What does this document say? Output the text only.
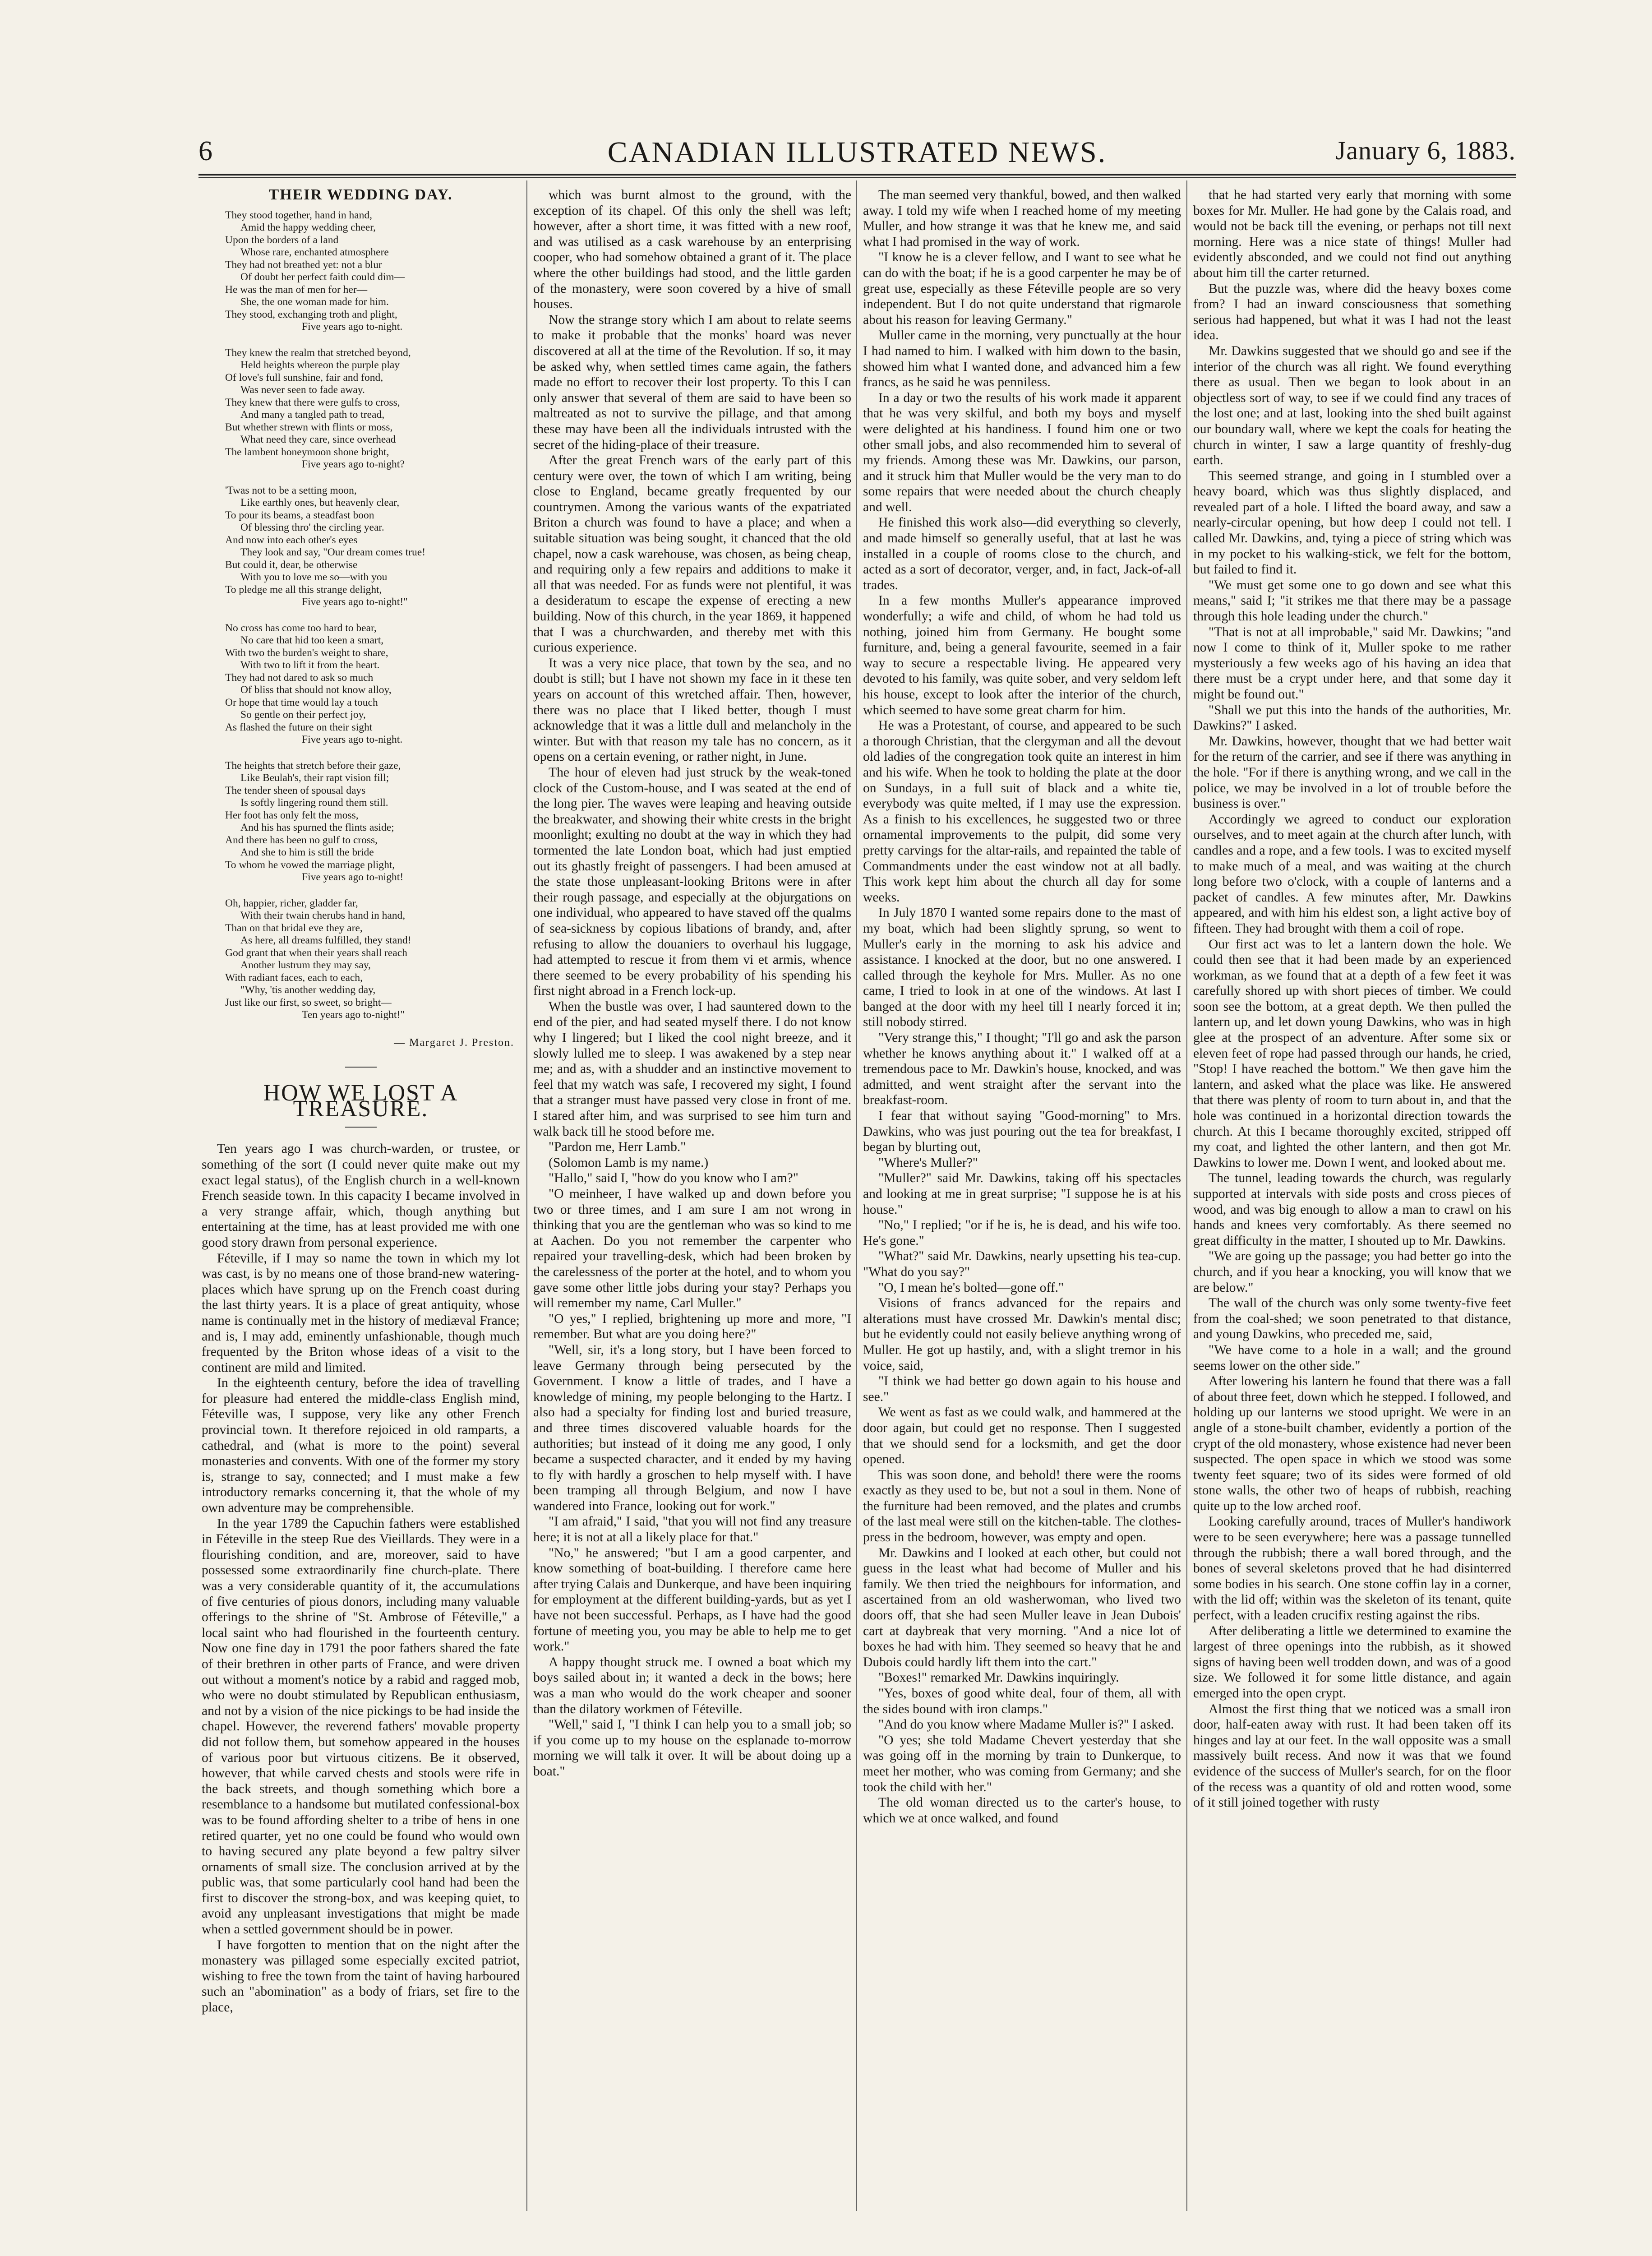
6	CANADIAN ILLUSTRATED NEWS.	January 6, 1883.
THEIR WEDDING DAY.
They stood together, hand in hand,
Amid the happy wedding cheer,
Upon the borders of a land
Whose rare, enchanted atmosphere
They had not breathed yet: not a blur
Of doubt her perfect faith could dim—
He was the man of men for her—
She, the one woman made for him.
They stood, exchanging troth and plight,
Five years ago to-night.
They knew the realm that stretched beyond,
Held heights whereon the purple play
Of love's full sunshine, fair and fond,
Was never seen to fade away.
They knew that there were gulfs to cross,
And many a tangled path to tread,
But whether strewn with flints or moss,
What need they care, since overhead
The lambent honeymoon shone bright,
Five years ago to-night?
'Twas not to be a setting moon,
Like earthly ones, but heavenly clear,
To pour its beams, a steadfast boon
Of blessing thro' the circling year.
And now into each other's eyes
They look and say, "Our dream comes true!
But could it, dear, be otherwise
With you to love me so—with you
To pledge me all this strange delight,
Five years ago to-night!"
No cross has come too hard to bear,
No care that hid too keen a smart,
With two the burden's weight to share,
With two to lift it from the heart.
They had not dared to ask so much
Of bliss that should not know alloy,
Or hope that time would lay a touch
So gentle on their perfect joy,
As flashed the future on their sight
Five years ago to-night.
The heights that stretch before their gaze,
Like Beulah's, their rapt vision fill;
The tender sheen of spousal days
Is softly lingering round them still.
Her foot has only felt the moss,
And his has spurned the flints aside;
And there has been no gulf to cross,
And she to him is still the bride
To whom he vowed the marriage plight,
Five years ago to-night!
Oh, happier, richer, gladder far,
With their twain cherubs hand in hand,
Than on that bridal eve they are,
As here, all dreams fulfilled, they stand!
God grant that when their years shall reach
Another lustrum they may say,
With radiant faces, each to each,
"Why, 'tis another wedding day,
Just like our first, so sweet, so bright—
Ten years ago to-night!"
— Margaret J. Preston.
HOW WE LOST A TREASURE.

Ten years ago I was church-warden, or trustee, or something of the sort (I could never quite make out my exact legal status), of the English church in a well-known French seaside town. In this capacity I became involved in a very strange affair, which, though anything but entertaining at the time, has at least provided me with one good story drawn from personal experience.

Féteville, if I may so name the town in which my lot was cast, is by no means one of those brand-new watering-places which have sprung up on the French coast during the last thirty years. It is a place of great antiquity, whose name is continually met in the history of mediæval France; and is, I may add, eminently unfashionable, though much frequented by the Briton whose ideas of a visit to the continent are mild and limited.

In the eighteenth century, before the idea of travelling for pleasure had entered the middle-class English mind, Féteville was, I suppose, very like any other French provincial town. It therefore rejoiced in old ramparts, a cathedral, and (what is more to the point) several monasteries and convents. With one of the former my story is, strange to say, connected; and I must make a few introductory remarks concerning it, that the whole of my own adventure may be comprehensible.

In the year 1789 the Capuchin fathers were established in Féteville in the steep Rue des Vieillards. They were in a flourishing condition, and are, moreover, said to have possessed some extraordinarily fine church-plate. There was a very considerable quantity of it, the accumulations of five centuries of pious donors, including many valuable offerings to the shrine of "St. Ambrose of Féteville," a local saint who had flourished in the fourteenth century. Now one fine day in 1791 the poor fathers shared the fate of their brethren in other parts of France, and were driven out without a moment's notice by a rabid and ragged mob, who were no doubt stimulated by Republican enthusiasm, and not by a vision of the nice pickings to be had inside the chapel. However, the reverend fathers' movable property did not follow them, but somehow appeared in the houses of various poor but virtuous citizens. Be it observed, however, that while carved chests and stools were rife in the back streets, and though something which bore a resemblance to a handsome but mutilated confessional-box was to be found affording shelter to a tribe of hens in one retired quarter, yet no one could be found who would own to having secured any plate beyond a few paltry silver ornaments of small size. The conclusion arrived at by the public was, that some particularly cool hand had been the first to discover the strong-box, and was keeping quiet, to avoid any unpleasant investigations that might be made when a settled government should be in power.

I have forgotten to mention that on the night after the monastery was pillaged some especially excited patriot, wishing to free the town from the taint of having harboured such an "abomination" as a body of friars, set fire to the place,

which was burnt almost to the ground, with the exception of its chapel. Of this only the shell was left; however, after a short time, it was fitted with a new roof, and was utilised as a cask warehouse by an enterprising cooper, who had somehow obtained a grant of it. The place where the other buildings had stood, and the little garden of the monastery, were soon covered by a hive of small houses.

Now the strange story which I am about to relate seems to make it probable that the monks' hoard was never discovered at all at the time of the Revolution. If so, it may be asked why, when settled times came again, the fathers made no effort to recover their lost property. To this I can only answer that several of them are said to have been so maltreated as not to survive the pillage, and that among these may have been all the individuals intrusted with the secret of the hiding-place of their treasure.

After the great French wars of the early part of this century were over, the town of which I am writing, being close to England, became greatly frequented by our countrymen. Among the various wants of the expatriated Briton a church was found to have a place; and when a suitable situation was being sought, it chanced that the old chapel, now a cask warehouse, was chosen, as being cheap, and requiring only a few repairs and additions to make it all that was needed. For as funds were not plentiful, it was a desideratum to escape the expense of erecting a new building. Now of this church, in the year 1869, it happened that I was a churchwarden, and thereby met with this curious experience.

It was a very nice place, that town by the sea, and no doubt is still; but I have not shown my face in it these ten years on account of this wretched affair. Then, however, there was no place that I liked better, though I must acknowledge that it was a little dull and melancholy in the winter. But with that reason my tale has no concern, as it opens on a certain evening, or rather night, in June.

The hour of eleven had just struck by the weak-toned clock of the Custom-house, and I was seated at the end of the long pier. The waves were leaping and heaving outside the breakwater, and showing their white crests in the bright moonlight; exulting no doubt at the way in which they had tormented the late London boat, which had just emptied out its ghastly freight of passengers. I had been amused at the state those unpleasant-looking Britons were in after their rough passage, and especially at the objurgations on one individual, who appeared to have staved off the qualms of sea-sickness by copious libations of brandy, and, after refusing to allow the douaniers to overhaul his luggage, had attempted to rescue it from them vi et armis, whence there seemed to be every probability of his spending his first night abroad in a French lock-up.

When the bustle was over, I had sauntered down to the end of the pier, and had seated myself there. I do not know why I lingered; but I liked the cool night breeze, and it slowly lulled me to sleep. I was awakened by a step near me; and as, with a shudder and an instinctive movement to feel that my watch was safe, I recovered my sight, I found that a stranger must have passed very close in front of me. I stared after him, and was surprised to see him turn and walk back till he stood before me.

"Pardon me, Herr Lamb."

(Solomon Lamb is my name.)

"Hallo," said I, "how do you know who I am?"

"O meinheer, I have walked up and down before you two or three times, and I am sure I am not wrong in thinking that you are the gentleman who was so kind to me at Aachen. Do you not remember the carpenter who repaired your travelling-desk, which had been broken by the carelessness of the porter at the hotel, and to whom you gave some other little jobs during your stay? Perhaps you will remember my name, Carl Muller."

"O yes," I replied, brightening up more and more, "I remember. But what are you doing here?"

"Well, sir, it's a long story, but I have been forced to leave Germany through being persecuted by the Government. I know a little of trades, and I have a knowledge of mining, my people belonging to the Hartz. I also had a specialty for finding lost and buried treasure, and three times discovered valuable hoards for the authorities; but instead of it doing me any good, I only became a suspected character, and it ended by my having to fly with hardly a groschen to help myself with. I have been tramping all through Belgium, and now I have wandered into France, looking out for work."

"I am afraid," I said, "that you will not find any treasure here; it is not at all a likely place for that."

"No," he answered; "but I am a good carpenter, and know something of boat-building. I therefore came here after trying Calais and Dunkerque, and have been inquiring for employment at the different building-yards, but as yet I have not been successful. Perhaps, as I have had the good fortune of meeting you, you may be able to help me to get work."

A happy thought struck me. I owned a boat which my boys sailed about in; it wanted a deck in the bows; here was a man who would do the work cheaper and sooner than the dilatory workmen of Féteville.

"Well," said I, "I think I can help you to a small job; so if you come up to my house on the esplanade to-morrow morning we will talk it over. It will be about doing up a boat."

The man seemed very thankful, bowed, and then walked away. I told my wife when I reached home of my meeting Muller, and how strange it was that he knew me, and said what I had promised in the way of work.

"I know he is a clever fellow, and I want to see what he can do with the boat; if he is a good carpenter he may be of great use, especially as these Féteville people are so very independent. But I do not quite understand that rigmarole about his reason for leaving Germany."

Muller came in the morning, very punctually at the hour I had named to him. I walked with him down to the basin, showed him what I wanted done, and advanced him a few francs, as he said he was penniless.

In a day or two the results of his work made it apparent that he was very skilful, and both my boys and myself were delighted at his handiness. I found him one or two other small jobs, and also recommended him to several of my friends. Among these was Mr. Dawkins, our parson, and it struck him that Muller would be the very man to do some repairs that were needed about the church cheaply and well.

He finished this work also—did everything so cleverly, and made himself so generally useful, that at last he was installed in a couple of rooms close to the church, and acted as a sort of decorator, verger, and, in fact, Jack-of-all trades.

In a few months Muller's appearance improved wonderfully; a wife and child, of whom he had told us nothing, joined him from Germany. He bought some furniture, and, being a general favourite, seemed in a fair way to secure a respectable living. He appeared very devoted to his family, was quite sober, and very seldom left his house, except to look after the interior of the church, which seemed to have some great charm for him.

He was a Protestant, of course, and appeared to be such a thorough Christian, that the clergyman and all the devout old ladies of the congregation took quite an interest in him and his wife. When he took to holding the plate at the door on Sundays, in a full suit of black and a white tie, everybody was quite melted, if I may use the expression. As a finish to his excellences, he suggested two or three ornamental improvements to the pulpit, did some very pretty carvings for the altar-rails, and repainted the table of Commandments under the east window not at all badly. This work kept him about the church all day for some weeks.

In July 1870 I wanted some repairs done to the mast of my boat, which had been slightly sprung, so went to Muller's early in the morning to ask his advice and assistance. I knocked at the door, but no one answered. I called through the keyhole for Mrs. Muller. As no one came, I tried to look in at one of the windows. At last I banged at the door with my heel till I nearly forced it in; still nobody stirred.

"Very strange this," I thought; "I'll go and ask the parson whether he knows anything about it." I walked off at a tremendous pace to Mr. Dawkin's house, knocked, and was admitted, and went straight after the servant into the breakfast-room.

I fear that without saying "Good-morning" to Mrs. Dawkins, who was just pouring out the tea for breakfast, I began by blurting out,

"Where's Muller?"

"Muller?" said Mr. Dawkins, taking off his spectacles and looking at me in great surprise; "I suppose he is at his house."

"No," I replied; "or if he is, he is dead, and his wife too. He's gone."

"What?" said Mr. Dawkins, nearly upsetting his tea-cup. "What do you say?"

"O, I mean he's bolted—gone off."

Visions of francs advanced for the repairs and alterations must have crossed Mr. Dawkin's mental disc; but he evidently could not easily believe anything wrong of Muller. He got up hastily, and, with a slight tremor in his voice, said,

"I think we had better go down again to his house and see."

We went as fast as we could walk, and hammered at the door again, but could get no response. Then I suggested that we should send for a locksmith, and get the door opened.

This was soon done, and behold! there were the rooms exactly as they used to be, but not a soul in them. None of the furniture had been removed, and the plates and crumbs of the last meal were still on the kitchen-table. The clothes-press in the bedroom, however, was empty and open.

Mr. Dawkins and I looked at each other, but could not guess in the least what had become of Muller and his family. We then tried the neighbours for information, and ascertained from an old washerwoman, who lived two doors off, that she had seen Muller leave in Jean Dubois' cart at daybreak that very morning. "And a nice lot of boxes he had with him. They seemed so heavy that he and Dubois could hardly lift them into the cart."

"Boxes!" remarked Mr. Dawkins inquiringly.

"Yes, boxes of good white deal, four of them, all with the sides bound with iron clamps."

"And do you know where Madame Muller is?" I asked.

"O yes; she told Madame Chevert yesterday that she was going off in the morning by train to Dunkerque, to meet her mother, who was coming from Germany; and she took the child with her."

The old woman directed us to the carter's house, to which we at once walked, and found

that he had started very early that morning with some boxes for Mr. Muller. He had gone by the Calais road, and would not be back till the evening, or perhaps not till next morning. Here was a nice state of things! Muller had evidently absconded, and we could not find out anything about him till the carter returned.

But the puzzle was, where did the heavy boxes come from? I had an inward consciousness that something serious had happened, but what it was I had not the least idea.

Mr. Dawkins suggested that we should go and see if the interior of the church was all right. We found everything there as usual. Then we began to look about in an objectless sort of way, to see if we could find any traces of the lost one; and at last, looking into the shed built against our boundary wall, where we kept the coals for heating the church in winter, I saw a large quantity of freshly-dug earth.

This seemed strange, and going in I stumbled over a heavy board, which was thus slightly displaced, and revealed part of a hole. I lifted the board away, and saw a nearly-circular opening, but how deep I could not tell. I called Mr. Dawkins, and, tying a piece of string which was in my pocket to his walking-stick, we felt for the bottom, but failed to find it.

"We must get some one to go down and see what this means," said I; "it strikes me that there may be a passage through this hole leading under the church."

"That is not at all improbable," said Mr. Dawkins; "and now I come to think of it, Muller spoke to me rather mysteriously a few weeks ago of his having an idea that there must be a crypt under here, and that some day it might be found out."

"Shall we put this into the hands of the authorities, Mr. Dawkins?" I asked.

Mr. Dawkins, however, thought that we had better wait for the return of the carrier, and see if there was anything in the hole. "For if there is anything wrong, and we call in the police, we may be involved in a lot of trouble before the business is over."

Accordingly we agreed to conduct our exploration ourselves, and to meet again at the church after lunch, with candles and a rope, and a few tools. I was to excited myself to make much of a meal, and was waiting at the church long before two o'clock, with a couple of lanterns and a packet of candles. A few minutes after, Mr. Dawkins appeared, and with him his eldest son, a light active boy of fifteen. They had brought with them a coil of rope.

Our first act was to let a lantern down the hole. We could then see that it had been made by an experienced workman, as we found that at a depth of a few feet it was carefully shored up with short pieces of timber. We could soon see the bottom, at a great depth. We then pulled the lantern up, and let down young Dawkins, who was in high glee at the prospect of an adventure. After some six or eleven feet of rope had passed through our hands, he cried, "Stop! I have reached the bottom." We then gave him the lantern, and asked what the place was like. He answered that there was plenty of room to turn about in, and that the hole was continued in a horizontal direction towards the church. At this I became thoroughly excited, stripped off my coat, and lighted the other lantern, and then got Mr. Dawkins to lower me. Down I went, and looked about me.

The tunnel, leading towards the church, was regularly supported at intervals with side posts and cross pieces of wood, and was big enough to allow a man to crawl on his hands and knees very comfortably. As there seemed no great difficulty in the matter, I shouted up to Mr. Dawkins.

"We are going up the passage; you had better go into the church, and if you hear a knocking, you will know that we are below."

The wall of the church was only some twenty-five feet from the coal-shed; we soon penetrated to that distance, and young Dawkins, who preceded me, said,

"We have come to a hole in a wall; and the ground seems lower on the other side."

After lowering his lantern he found that there was a fall of about three feet, down which he stepped. I followed, and holding up our lanterns we stood upright. We were in an angle of a stone-built chamber, evidently a portion of the crypt of the old monastery, whose existence had never been suspected. The open space in which we stood was some twenty feet square; two of its sides were formed of old stone walls, the other two of heaps of rubbish, reaching quite up to the low arched roof.

Looking carefully around, traces of Muller's handiwork were to be seen everywhere; here was a passage tunnelled through the rubbish; there a wall bored through, and the bones of several skeletons proved that he had disinterred some bodies in his search. One stone coffin lay in a corner, with the lid off; within was the skeleton of its tenant, quite perfect, with a leaden crucifix resting against the ribs.

After deliberating a little we determined to examine the largest of three openings into the rubbish, as it showed signs of having been well trodden down, and was of a good size. We followed it for some little distance, and again emerged into the open crypt.

Almost the first thing that we noticed was a small iron door, half-eaten away with rust. It had been taken off its hinges and lay at our feet. In the wall opposite was a small massively built recess. And now it was that we found evidence of the success of Muller's search, for on the floor of the recess was a quantity of old and rotten wood, some of it still joined together with rusty
